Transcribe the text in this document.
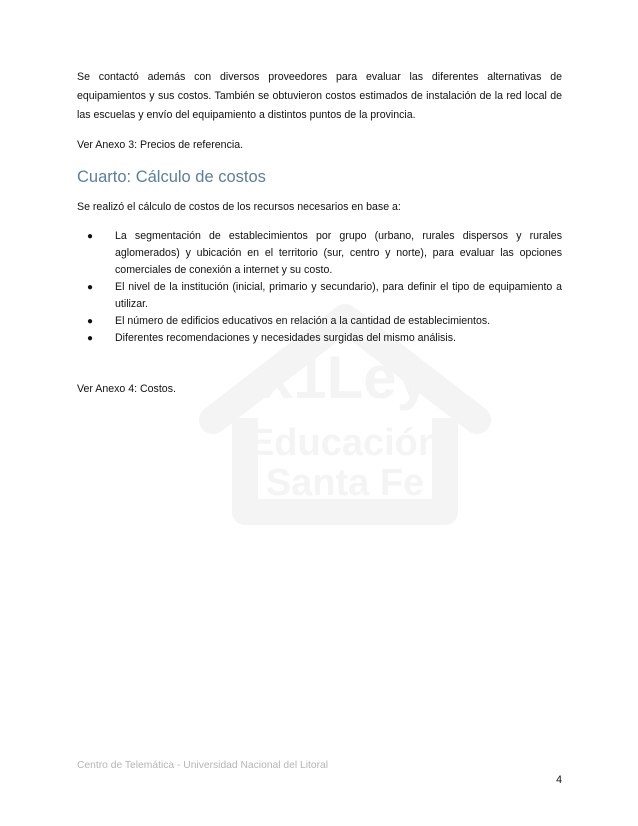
x1Ley
Educación
Santa Fe

Se contactó además con diversos proveedores para evaluar las diferentes alternativas de equipamientos y sus costos. También se obtuvieron costos estimados de instalación de la red local de las escuelas y envío del equipamiento a distintos puntos de la provincia.

Ver Anexo 3: Precios de referencia.

Cuarto: Cálculo de costos

Se realizó el cálculo de costos de los recursos necesarios en base a:

● La segmentación de establecimientos por grupo (urbano, rurales dispersos y rurales aglomerados) y ubicación en el territorio (sur, centro y norte), para evaluar las opciones comerciales de conexión a internet y su costo.
● El nivel de la institución (inicial, primario y secundario), para definir el tipo de equipamiento a utilizar.
● El número de edificios educativos en relación a la cantidad de establecimientos.
● Diferentes recomendaciones y necesidades surgidas del mismo análisis.

Ver Anexo 4: Costos.

Centro de Telemática - Universidad Nacional del Litoral
4
